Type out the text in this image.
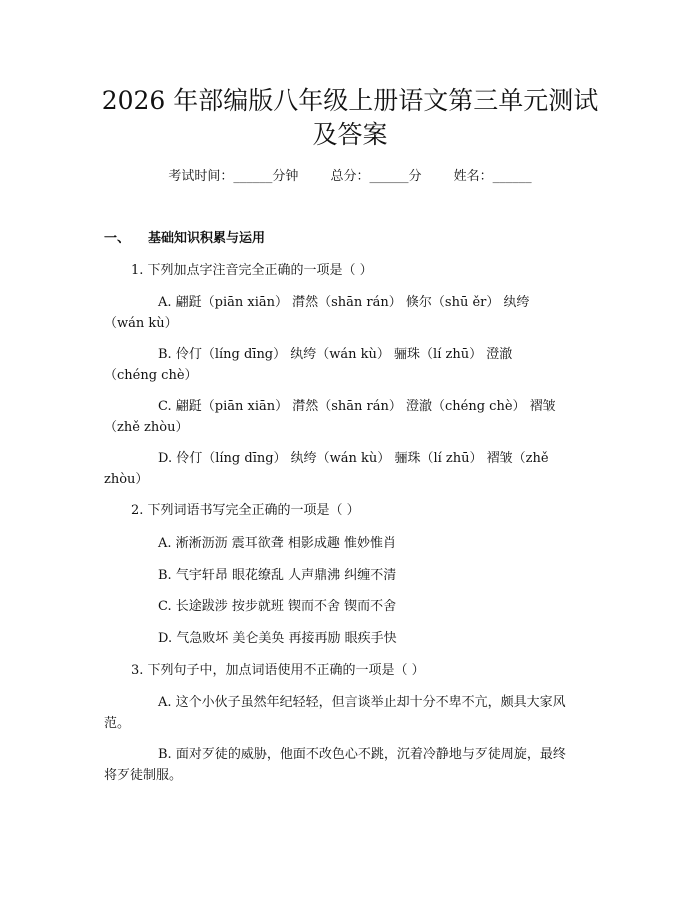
2026 年部编版八年级上册语文第三单元测试
及答案
考试时间：______分钟 总分：______分 姓名：______
一、 基础知识积累与运用
1. 下列加点字注音完全正确的一项是（ ）
A. 翩跹（piān xiān） 潸然（shān rán） 倏尔（shū ěr） 纨绔
（wán kù）
B. 伶仃（líng dīng） 纨绔（wán kù） 骊珠（lí zhū） 澄澈
（chéng chè）
C. 翩跹（piān xiān） 潸然（shān rán） 澄澈（chéng chè） 褶皱
（zhě zhòu）
D. 伶仃（líng dīng） 纨绔（wán kù） 骊珠（lí zhū） 褶皱（zhě
zhòu）
2. 下列词语书写完全正确的一项是（ ）
A. 淅淅沥沥 震耳欲聋 相影成趣 惟妙惟肖
B. 气宇轩昂 眼花缭乱 人声鼎沸 纠缠不清
C. 长途跋涉 按步就班 锲而不舍 锲而不舍
D. 气急败坏 美仑美奂 再接再励 眼疾手快
3. 下列句子中，加点词语使用不正确的一项是（ ）
A. 这个小伙子虽然年纪轻轻，但言谈举止却十分不卑不亢，颇具大家风
范。
B. 面对歹徒的威胁，他面不改色心不跳，沉着冷静地与歹徒周旋，最终
将歹徒制服。
